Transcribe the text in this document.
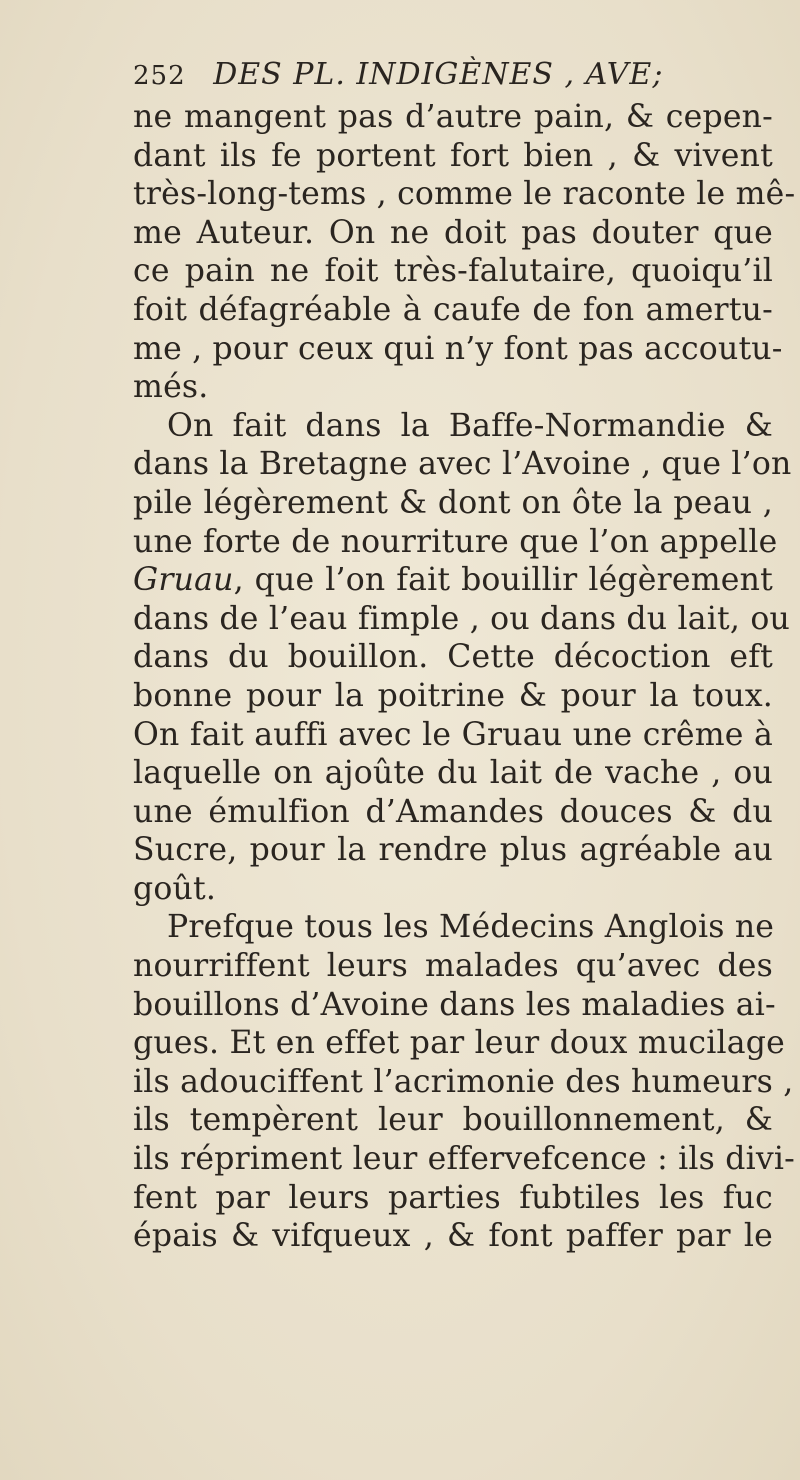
252 DES PL. INDIGÈNES , AVE;
ne mangent pas d’autre pain, & cepen-
dant ils fe portent fort bien , & vivent
très-long-tems , comme le raconte le mê-
me Auteur. On ne doit pas douter que
ce pain ne foit très-falutaire, quoiqu’il
foit défagréable à caufe de fon amertu-
me , pour ceux qui n’y font pas accoutu-
més.
On fait dans la Baffe-Normandie &
dans la Bretagne avec l’Avoine , que l’on
pile légèrement & dont on ôte la peau ,
une forte de nourriture que l’on appelle
Gruau, que l’on fait bouillir légèrement
dans de l’eau fimple , ou dans du lait, ou
dans du bouillon. Cette décoction eft
bonne pour la poitrine & pour la toux.
On fait auffi avec le Gruau une crême à
laquelle on ajoûte du lait de vache , ou
une émulfion d’Amandes douces & du
Sucre, pour la rendre plus agréable au
goût.
Prefque tous les Médecins Anglois ne
nourriffent leurs malades qu’avec des
bouillons d’Avoine dans les maladies ai-
gues. Et en effet par leur doux mucilage
ils adouciffent l’acrimonie des humeurs ,
ils tempèrent leur bouillonnement, &
ils répriment leur effervefcence : ils divi-
fent par leurs parties fubtiles les fuc
épais & vifqueux , & font paffer par le
